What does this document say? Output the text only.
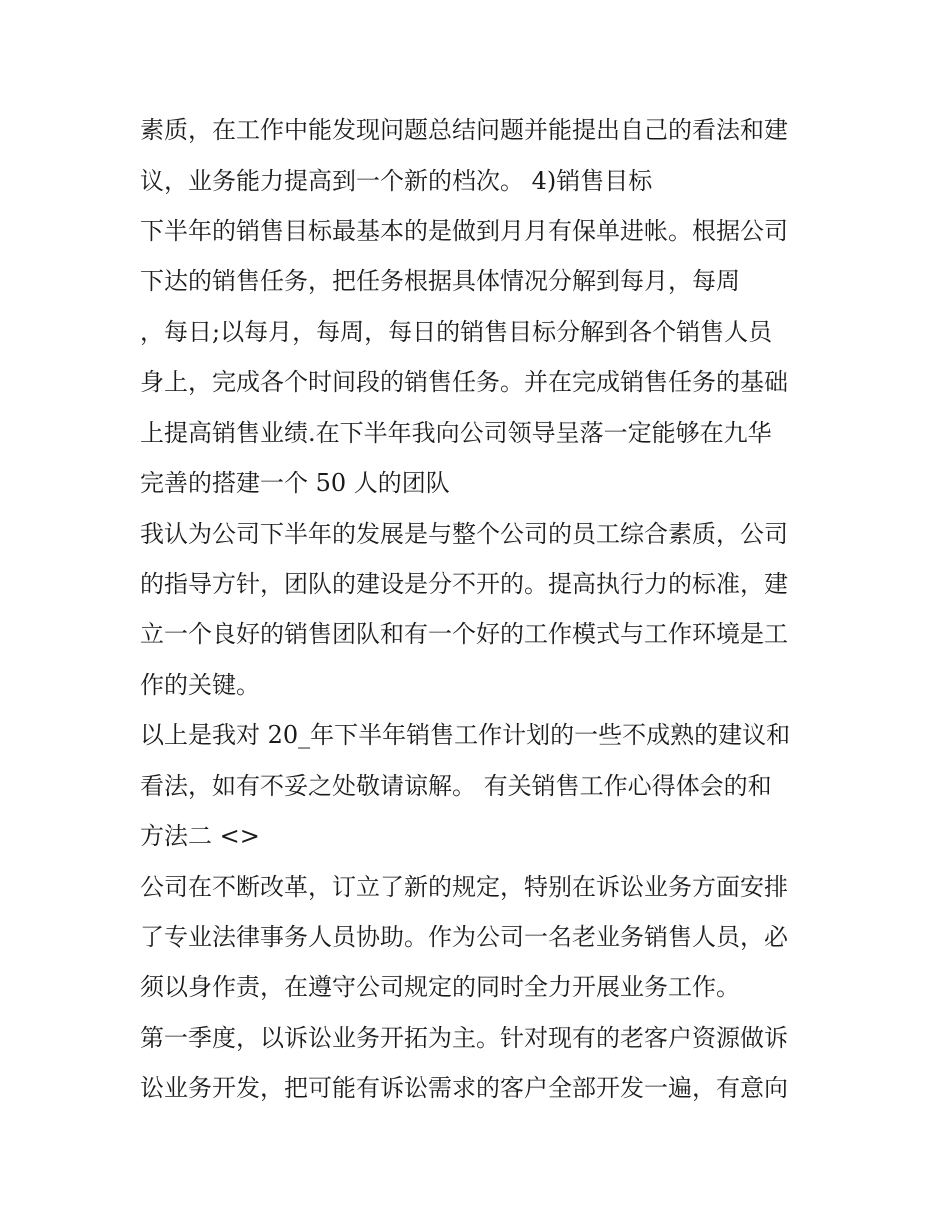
素质，在工作中能发现问题总结问题并能提出自己的看法和建
议，业务能力提高到一个新的档次。 4)销售目标
下半年的销售目标最基本的是做到月月有保单进帐。根据公司
下达的销售任务，把任务根据具体情况分解到每月，每周
，每日;以每月，每周，每日的销售目标分解到各个销售人员
身上，完成各个时间段的销售任务。并在完成销售任务的基础
上提高销售业绩.在下半年我向公司领导呈落一定能够在九华
完善的搭建一个 50 人的团队
我认为公司下半年的发展是与整个公司的员工综合素质，公司
的指导方针，团队的建设是分不开的。提高执行力的标准，建
立一个良好的销售团队和有一个好的工作模式与工作环境是工
作的关键。
以上是我对 20_年下半年销售工作计划的一些不成熟的建议和
看法，如有不妥之处敬请谅解。 有关销售工作心得体会的和
方法二 <>
公司在不断改革，订立了新的规定，特别在诉讼业务方面安排
了专业法律事务人员协助。作为公司一名老业务销售人员，必
须以身作责，在遵守公司规定的同时全力开展业务工作。
第一季度，以诉讼业务开拓为主。针对现有的老客户资源做诉
讼业务开发，把可能有诉讼需求的客户全部开发一遍，有意向
